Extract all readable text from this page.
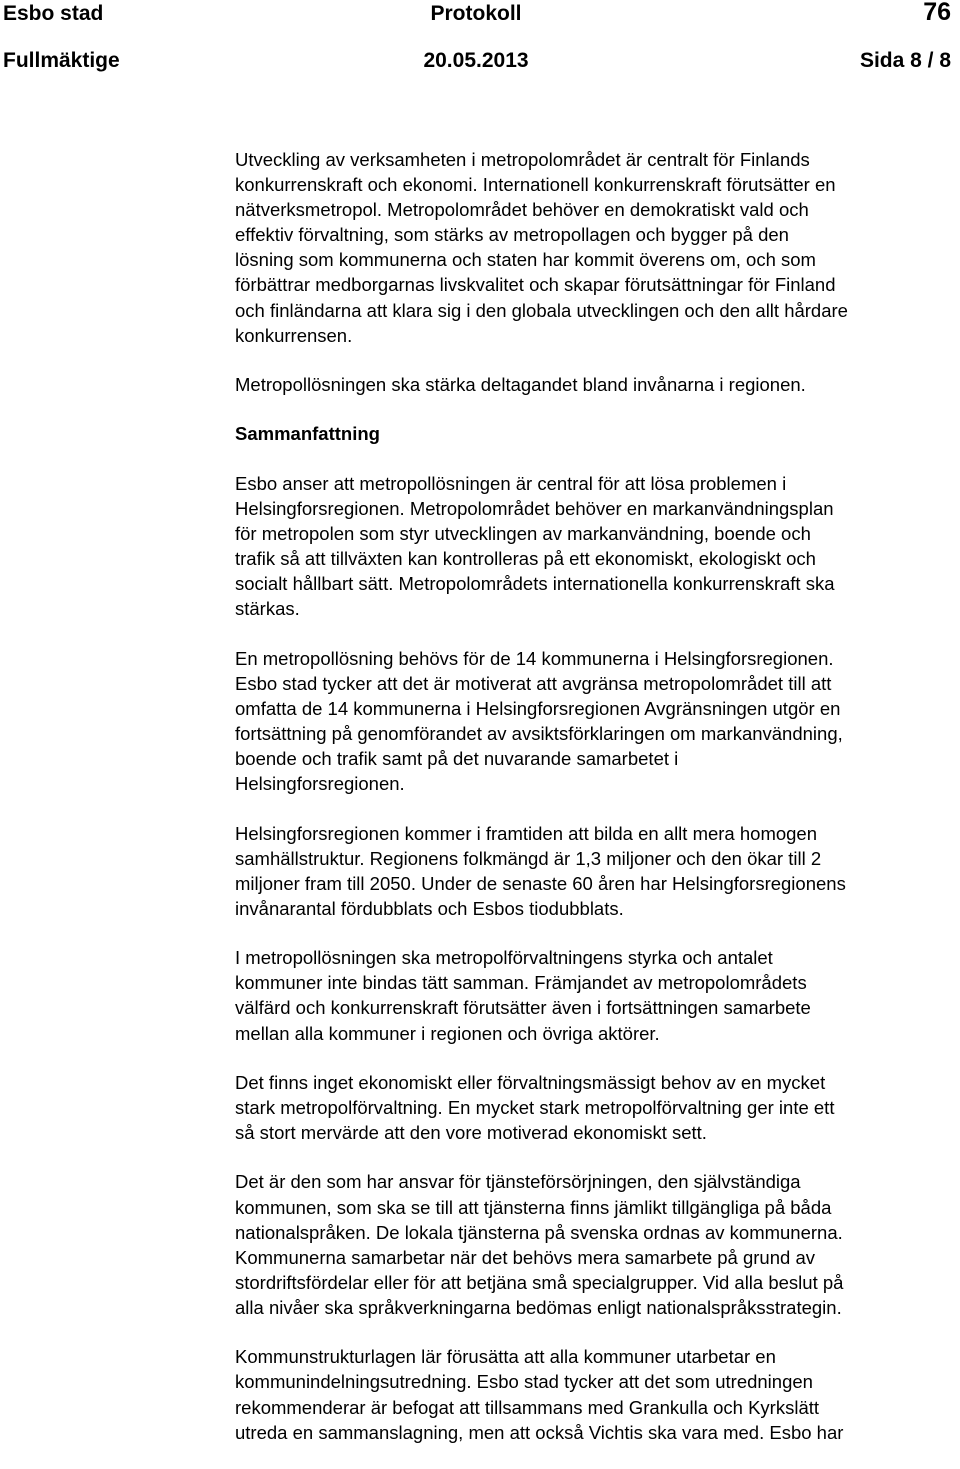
Esbo stad	Protokoll	76
Fullmäktige	20.05.2013	Sida 8 / 8

Utveckling av verksamheten i metropolområdet är centralt för Finlands
konkurrenskraft och ekonomi. Internationell konkurrenskraft förutsätter en
nätverksmetropol. Metropolområdet behöver en demokratiskt vald och
effektiv förvaltning, som stärks av metropollagen och bygger på den
lösning som kommunerna och staten har kommit överens om, och som
förbättrar medborgarnas livskvalitet och skapar förutsättningar för Finland
och finländarna att klara sig i den globala utvecklingen och den allt hårdare
konkurrensen.

Metropollösningen ska stärka deltagandet bland invånarna i regionen.

Sammanfattning

Esbo anser att metropollösningen är central för att lösa problemen i
Helsingforsregionen. Metropolområdet behöver en markanvändningsplan
för metropolen som styr utvecklingen av markanvändning, boende och
trafik så att tillväxten kan kontrolleras på ett ekonomiskt, ekologiskt och
socialt hållbart sätt. Metropolområdets internationella konkurrenskraft ska
stärkas.

En metropollösning behövs för de 14 kommunerna i Helsingforsregionen.
Esbo stad tycker att det är motiverat att avgränsa metropolområdet till att
omfatta de 14 kommunerna i Helsingforsregionen Avgränsningen utgör en
fortsättning på genomförandet av avsiktsförklaringen om markanvändning,
boende och trafik samt på det nuvarande samarbetet i
Helsingforsregionen.

Helsingforsregionen kommer i framtiden att bilda en allt mera homogen
samhällstruktur. Regionens folkmängd är 1,3 miljoner och den ökar till 2
miljoner fram till 2050. Under de senaste 60 åren har Helsingforsregionens
invånarantal fördubblats och Esbos tiodubblats.

I metropollösningen ska metropolförvaltningens styrka och antalet
kommuner inte bindas tätt samman. Främjandet av metropolområdets
välfärd och konkurrenskraft förutsätter även i fortsättningen samarbete
mellan alla kommuner i regionen och övriga aktörer.

Det finns inget ekonomiskt eller förvaltningsmässigt behov av en mycket
stark metropolförvaltning. En mycket stark metropolförvaltning ger inte ett
så stort mervärde att den vore motiverad ekonomiskt sett.

Det är den som har ansvar för tjänsteförsörjningen, den självständiga
kommunen, som ska se till att tjänsterna finns jämlikt tillgängliga på båda
nationalspråken. De lokala tjänsterna på svenska ordnas av kommunerna.
Kommunerna samarbetar när det behövs mera samarbete på grund av
stordriftsfördelar eller för att betjäna små specialgrupper. Vid alla beslut på
alla nivåer ska språkverkningarna bedömas enligt nationalspråksstrategin.

Kommunstrukturlagen lär förusätta att alla kommuner utarbetar en
kommunindelningsutredning. Esbo stad tycker att det som utredningen
rekommenderar är befogat att tillsammans med Grankulla och Kyrkslätt
utreda en sammanslagning, men att också Vichtis ska vara med. Esbo har
